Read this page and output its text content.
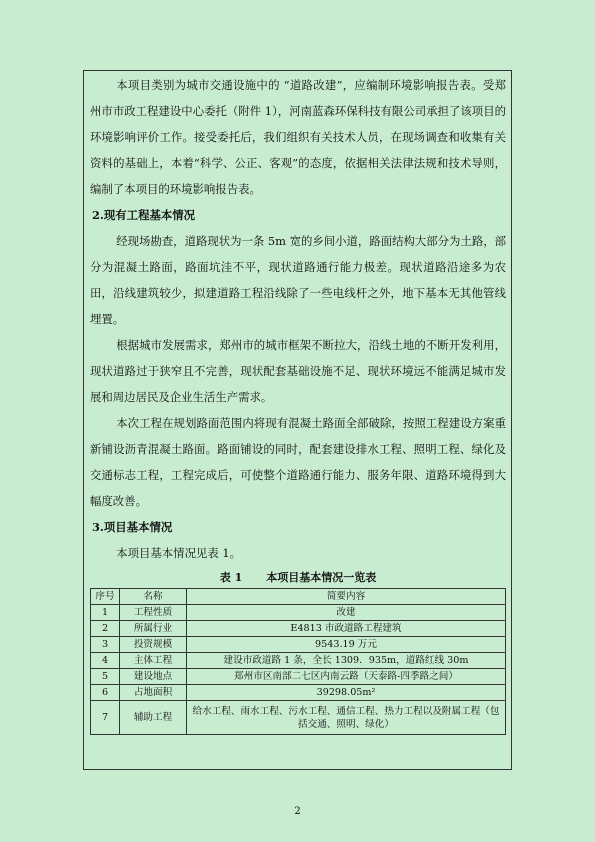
本项目类别为城市交通设施中的 “道路改建”，应编制环境影响报告表。受郑州市市政工程建设中心委托（附件 1），河南蓝森环保科技有限公司承担了该项目的环境影响评价工作。接受委托后，我们组织有关技术人员，在现场调查和收集有关资料的基础上，本着“科学、公正、客观”的态度，依据相关法律法规和技术导则，编制了本项目的环境影响报告表。

2.现有工程基本情况

经现场勘查，道路现状为一条 5m 宽的乡间小道，路面结构大部分为土路，部分为混凝土路面，路面坑洼不平，现状道路通行能力极差。现状道路沿途多为农田，沿线建筑较少，拟建道路工程沿线除了一些电线杆之外，地下基本无其他管线埋置。

根据城市发展需求，郑州市的城市框架不断拉大，沿线土地的不断开发利用，现状道路过于狭窄且不完善，现状配套基础设施不足、现状环境远不能满足城市发展和周边居民及企业生活生产需求。

本次工程在规划路面范围内将现有混凝土路面全部破除，按照工程建设方案重新铺设沥青混凝土路面。路面铺设的同时，配套建设排水工程、照明工程、绿化及交通标志工程，工程完成后，可使整个道路通行能力、服务年限、道路环境得到大幅度改善。

3.项目基本情况

本项目基本情况见表 1。

表 1 本项目基本情况一览表
序号	名称	简要内容
1	工程性质	改建
2	所属行业	E4813 市政道路工程建筑
3	投资规模	9543.19 万元
4	主体工程	建设市政道路 1 条，全长 1309．935m，道路红线 30m
5	建设地点	郑州市区南部二七区内南云路（天泰路-四季路之间）
6	占地面积	39298.05m²
7	辅助工程	给水工程、雨水工程、污水工程、通信工程、热力工程以及附属工程（包括交通、照明、绿化）
2
